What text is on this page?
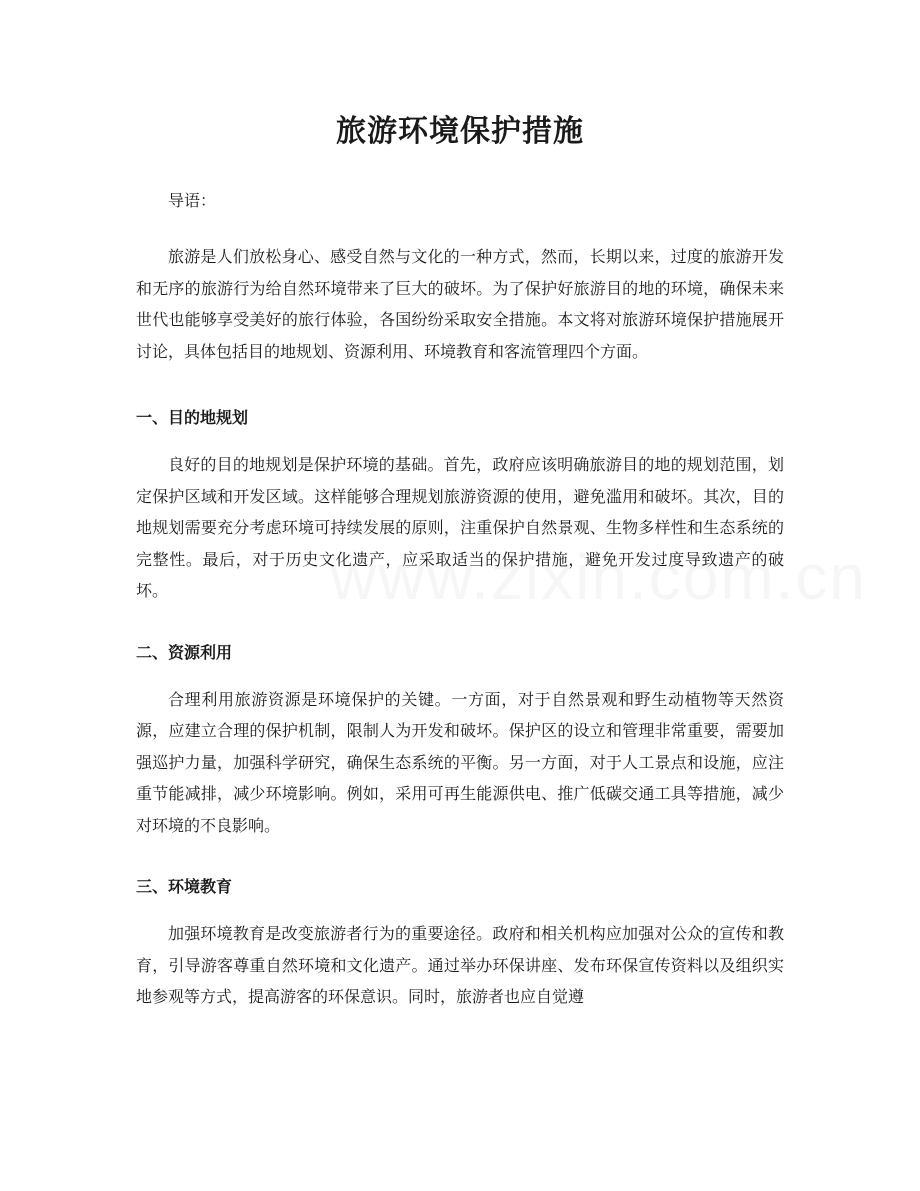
旅游环境保护措施

导语：

旅游是人们放松身心、感受自然与文化的一种方式，然而，长期以来，过度的旅游开发和无序的旅游行为给自然环境带来了巨大的破坏。为了保护好旅游目的地的环境，确保未来世代也能够享受美好的旅行体验，各国纷纷采取安全措施。本文将对旅游环境保护措施展开讨论，具体包括目的地规划、资源利用、环境教育和客流管理四个方面。

一、目的地规划

良好的目的地规划是保护环境的基础。首先，政府应该明确旅游目的地的规划范围，划定保护区域和开发区域。这样能够合理规划旅游资源的使用，避免滥用和破坏。其次，目的地规划需要充分考虑环境可持续发展的原则，注重保护自然景观、生物多样性和生态系统的完整性。最后，对于历史文化遗产，应采取适当的保护措施，避免开发过度导致遗产的破坏。

二、资源利用

合理利用旅游资源是环境保护的关键。一方面，对于自然景观和野生动植物等天然资源，应建立合理的保护机制，限制人为开发和破坏。保护区的设立和管理非常重要，需要加强巡护力量，加强科学研究，确保生态系统的平衡。另一方面，对于人工景点和设施，应注重节能减排，减少环境影响。例如，采用可再生能源供电、推广低碳交通工具等措施，减少对环境的不良影响。

三、环境教育

加强环境教育是改变旅游者行为的重要途径。政府和相关机构应加强对公众的宣传和教育，引导游客尊重自然环境和文化遗产。通过举办环保讲座、发布环保宣传资料以及组织实地参观等方式，提高游客的环保意识。同时，旅游者也应自觉遵
